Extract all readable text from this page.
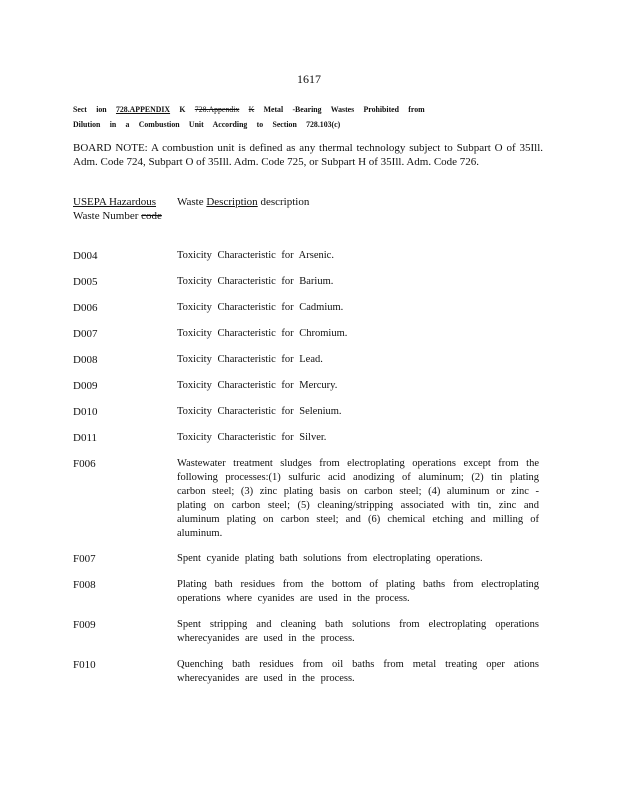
1617
Sect ion 728.APPENDIX K 728.Appendix K Metal -Bearing Wastes Prohibited from
Dilution in a Combustion Unit According to Section 728.103(c)
BOARD NOTE: A combustion unit is defined as any thermal technology subject to Subpart O of 35Ill. Adm. Code 724, Subpart O of 35Ill. Adm. Code 725, or Subpart H of 35Ill. Adm. Code 726.
USEPA Hazardous
Waste Number code
Waste Description description
D004	Toxicity Characteristic for Arsenic.
D005	Toxicity Characteristic for Barium.
D006	Toxicity Characteristic for Cadmium.
D007	Toxicity Characteristic for Chromium.
D008	Toxicity Characteristic for Lead.
D009	Toxicity Characteristic for Mercury.
D010	Toxicity Characteristic for Selenium.
D011	Toxicity Characteristic for Silver.
F006	Wastewater treatment sludges from electroplating operations except from the following processes:(1) sulfuric acid anodizing of aluminum; (2) tin plating carbon steel; (3) zinc plating basis on carbon steel; (4) aluminum or zinc -plating on carbon steel; (5) cleaning/stripping associated with tin, zinc and aluminum plating on carbon steel; and (6) chemical etching and milling of aluminum.
F007	Spent cyanide plating bath solutions from electroplating operations.
F008	Plating bath residues from the bottom of plating baths from electroplating operations where cyanides are used in the process.
F009	Spent stripping and cleaning bath solutions from electroplating operations wherecyanides are used in the process.
F010	Quenching bath residues from oil baths from metal treating oper ations wherecyanides are used in the process.
